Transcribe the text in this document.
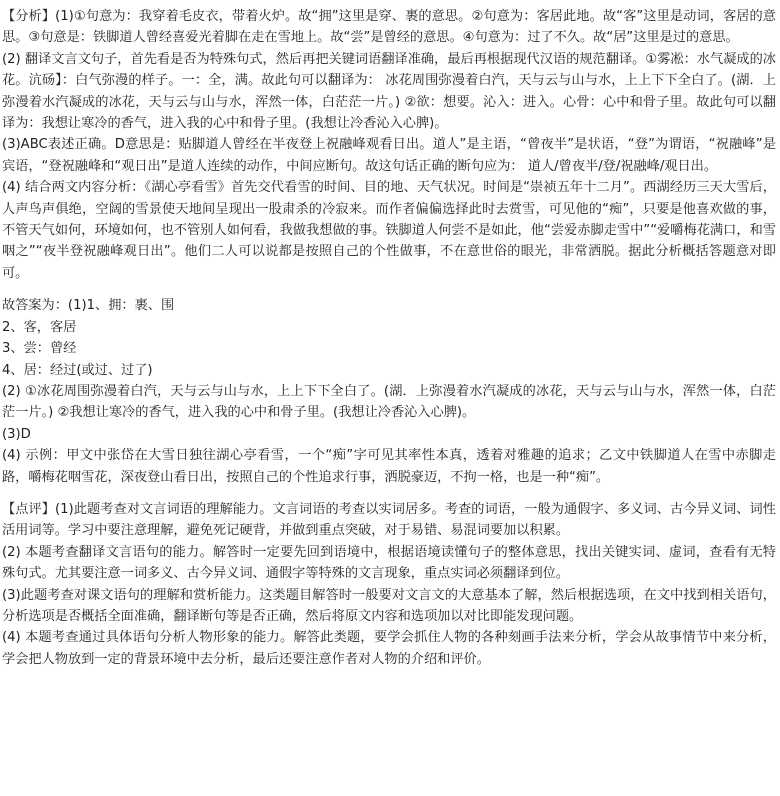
【分析】(1)①句意为：我穿着毛皮衣，带着火炉。故“拥”这里是穿、裹的意思。②句意为：客居此地。故“客”这里是动词，客居的意思。③句意是：铁脚道人曾经喜爱光着脚在走在雪地上。故“尝”是曾经的意思。④句意为：过了不久。故“居”这里是过的意思。

(2) 翻译文言文句子，首先看是否为特殊句式，然后再把关键词语翻译准确，最后再根据现代汉语的规范翻译。①雾凇：水气凝成的冰花。沆砀】：白气弥漫的样子。一：全，满。故此句可以翻译为： 冰花周围弥漫着白汽，天与云与山与水，上上下下全白了。(湖．上弥漫着水汽凝成的冰花，天与云与山与水，浑然一体，白茫茫一片。) ②欲：想要。沁入：进入。心骨：心中和骨子里。故此句可以翻译为：我想让寒冷的香气，进入我的心中和骨子里。(我想让冷香沁入心脾)。

(3)ABC表述正确。D意思是：贴脚道人曾经在半夜登上祝融峰观看日出。道人”是主语，“曾夜半”是状语，“登”为谓语，“祝融峰”是宾语，“登祝融峰和“观日出”是道人连续的动作，中间应断句。故这句话正确的断句应为： 道人/曾夜半/登/祝融峰/观日出。

(4) 结合两文内容分析：《湖心亭看雪》首先交代看雪的时间、目的地、天气状况。时间是“崇祯五年十二月”。西湖经历三天大雪后，人声鸟声俱绝，空阔的雪景使天地间呈现出一股肃杀的冷寂来。而作者偏偏选择此时去赏雪，可见他的“痴”，只要是他喜欢做的事，不管天气如何，环境如何，也不管别人如何看，我做我想做的事。铁脚道人何尝不是如此，他“尝爱赤脚走雪中”“爱嚼梅花满口，和雪咽之”“夜半登祝融峰观日出”。他们二人可以说都是按照自己的个性做事，不在意世俗的眼光，非常洒脱。据此分析概括答题意对即可。

故答案为：(1)1、拥：裹、围

2、客，客居

3、尝：曾经

4、居：经过(或过、过了)

(2) ①冰花周围弥漫着白汽，天与云与山与水，上上下下全白了。(湖．上弥漫着水汽凝成的冰花，天与云与山与水，浑然一体，白茫茫一片。) ②我想让寒冷的香气，进入我的心中和骨子里。(我想让冷香沁入心脾)。

(3)D

(4) 示例：甲文中张岱在大雪日独往湖心亭看雪，一个“痴”字可见其率性本真，透着对雅趣的追求；乙文中铁脚道人在雪中赤脚走路，嚼梅花咽雪花，深夜登山看日出，按照自己的个性追求行事，洒脱豪迈，不拘一格，也是一种“痴”。

【点评】(1)此题考查对文言词语的理解能力。文言词语的考查以实词居多。考查的词语，一般为通假字、多义词、古今异义词、词性活用词等。学习中要注意理解，避免死记硬背，并做到重点突破，对于易错、易混词要加以积累。

(2) 本题考查翻译文言语句的能力。解答时一定要先回到语境中，根据语境读懂句子的整体意思，找出关键实词、虚词，查看有无特殊句式。尤其要注意一词多义、古今异义词、通假字等特殊的文言现象，重点实词必须翻译到位。

(3)此题考查对课文语句的理解和赏析能力。这类题目解答时一般要对文言文的大意基本了解，然后根据选项，在文中找到相关语句，分析选项是否概括全面准确，翻译断句等是否正确，然后将原文内容和选项加以对比即能发现问题。

(4) 本题考查通过具体语句分析人物形象的能力。解答此类题，要学会抓住人物的各种刻画手法来分析，学会从故事情节中来分析，学会把人物放到一定的背景环境中去分析，最后还要注意作者对人物的介绍和评价。
